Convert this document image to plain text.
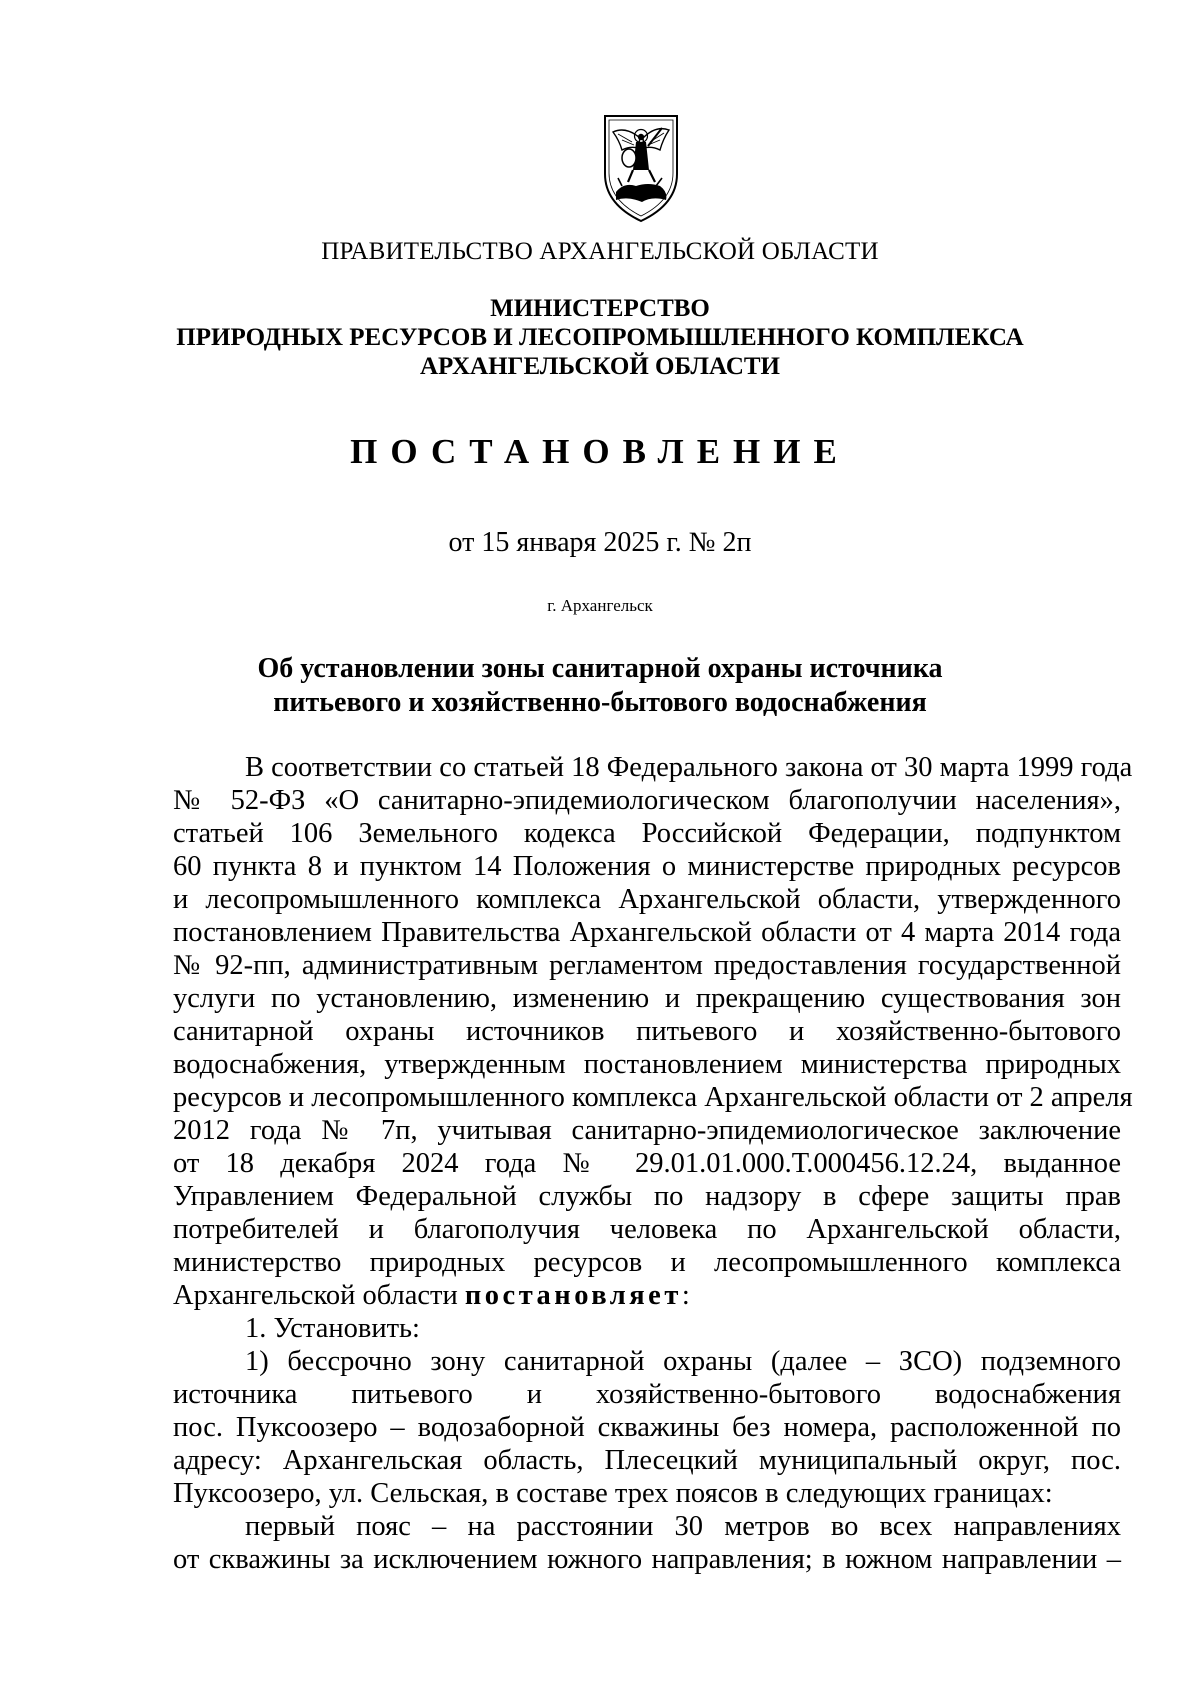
ПРАВИТЕЛЬСТВО АРХАНГЕЛЬСКОЙ ОБЛАСТИ
МИНИСТЕРСТВО
ПРИРОДНЫХ РЕСУРСОВ И ЛЕСОПРОМЫШЛЕННОГО КОМПЛЕКСА
АРХАНГЕЛЬСКОЙ ОБЛАСТИ
ПОСТАНОВЛЕНИЕ
от 15 января 2025 г. № 2п
г. Архангельск
Об установлении зоны санитарной охраны источника
питьевого и хозяйственно-бытового водоснабжения

В соответствии со статьей 18 Федерального закона от 30 марта 1999 года
№ 52-ФЗ «О санитарно-эпидемиологическом благополучии населения»,
статьей 106 Земельного кодекса Российской Федерации, подпунктом
60 пункта 8 и пунктом 14 Положения о министерстве природных ресурсов
и лесопромышленного комплекса Архангельской области, утвержденного
постановлением Правительства Архангельской области от 4 марта 2014 года
№ 92-пп, административным регламентом предоставления государственной
услуги по установлению, изменению и прекращению существования зон
санитарной охраны источников питьевого и хозяйственно-бытового
водоснабжения, утвержденным постановлением министерства природных
ресурсов и лесопромышленного комплекса Архангельской области от 2 апреля
2012 года № 7п, учитывая санитарно-эпидемиологическое заключение
от 18 декабря 2024 года № 29.01.01.000.Т.000456.12.24, выданное
Управлением Федеральной службы по надзору в сфере защиты прав
потребителей и благополучия человека по Архангельской области,
министерство природных ресурсов и лесопромышленного комплекса
Архангельской области постановляет:

1. Установить:

1) бессрочно зону санитарной охраны (далее – ЗСО) подземного
источника питьевого и хозяйственно-бытового водоснабжения
пос. Пуксоозеро – водозаборной скважины без номера, расположенной по
адресу: Архангельская область, Плесецкий муниципальный округ, пос.
Пуксоозеро, ул. Сельская, в составе трех поясов в следующих границах:

первый пояс – на расстоянии 30 метров во всех направлениях
от скважины за исключением южного направления; в южном направлении –
